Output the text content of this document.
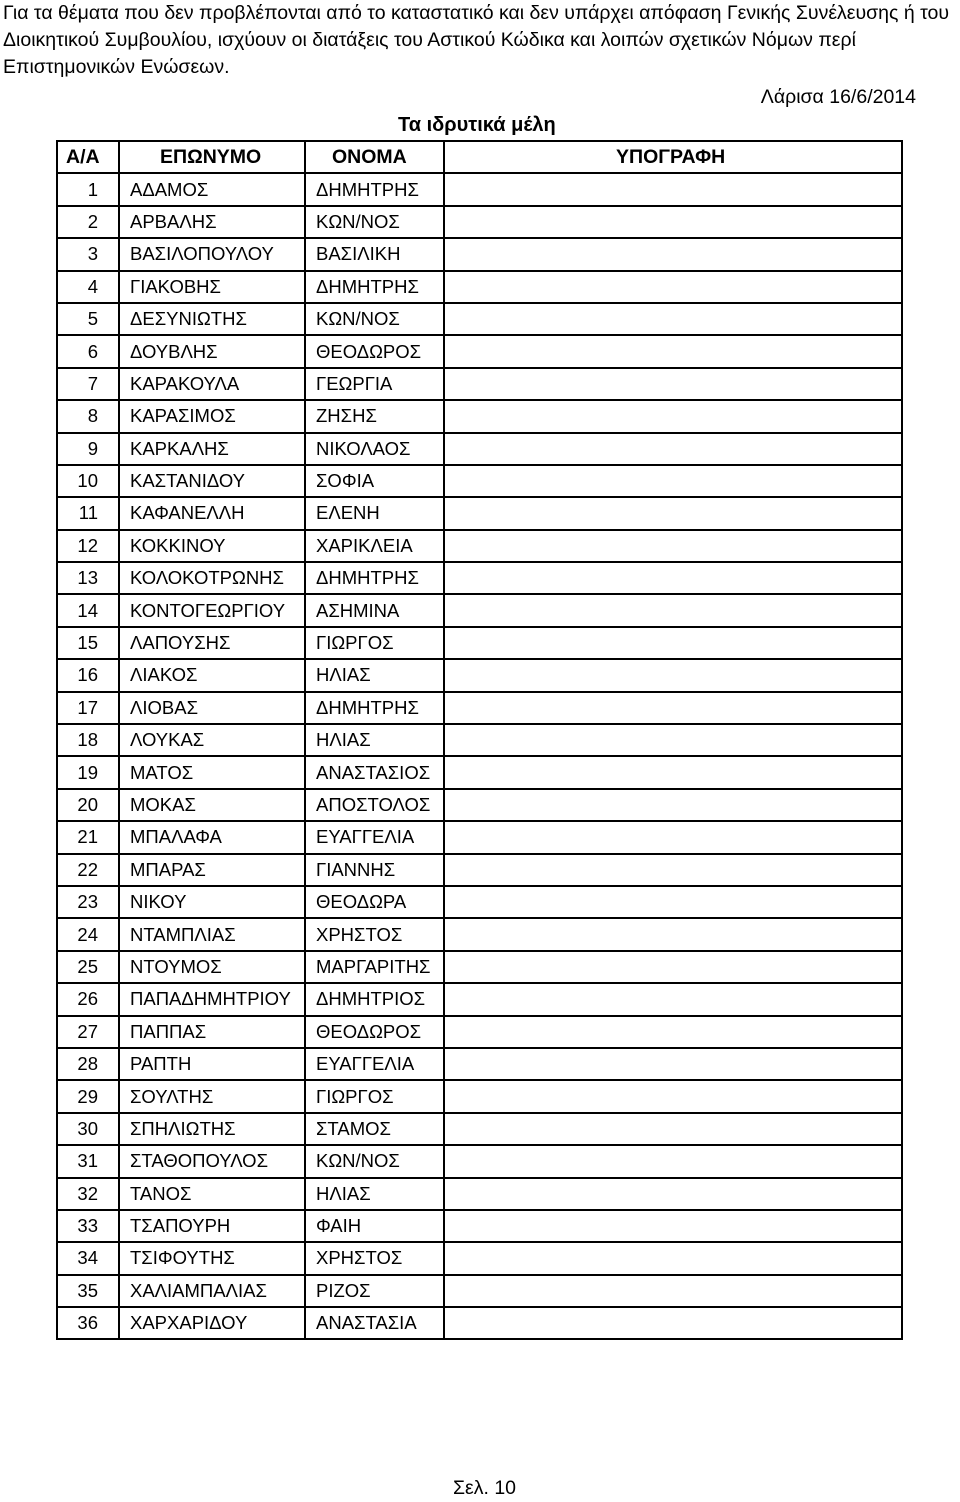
Για τα θέματα που δεν προβλέπονται από το καταστατικό και δεν υπάρχει απόφαση Γενικής Συνέλευσης ή του Διοικητικού Συμβουλίου, ισχύουν οι διατάξεις του Αστικού Κώδικα και λοιπών σχετικών Νόμων περί Επιστημονικών Ενώσεων.

Λάρισα 16/6/2014
Τα ιδρυτικά μέλη
Α/Α	ΕΠΩΝΥΜΟ	ΟΝΟΜΑ	ΥΠΟΓΡΑΦΗ
1	ΑΔΑΜΟΣ	ΔΗΜΗΤΡΗΣ	
2	ΑΡΒΑΛΗΣ	ΚΩΝ/ΝΟΣ	
3	ΒΑΣΙΛΟΠΟΥΛΟΥ	ΒΑΣΙΛΙΚΗ	
4	ΓΙΑΚΟΒΗΣ	ΔΗΜΗΤΡΗΣ	
5	ΔΕΣΥΝΙΩΤΗΣ	ΚΩΝ/ΝΟΣ	
6	ΔΟΥΒΛΗΣ	ΘΕΟΔΩΡΟΣ	
7	ΚΑΡΑΚΟΥΛΑ	ΓΕΩΡΓΙΑ	
8	ΚΑΡΑΣΙΜΟΣ	ΖΗΣΗΣ	
9	ΚΑΡΚΑΛΗΣ	ΝΙΚΟΛΑΟΣ	
10	ΚΑΣΤΑΝΙΔΟΥ	ΣΟΦΙΑ	
11	ΚΑΦΑΝΕΛΛΗ	ΕΛΕΝΗ	
12	ΚΟΚΚΙΝΟΥ	ΧΑΡΙΚΛΕΙΑ	
13	ΚΟΛΟΚΟΤΡΩΝΗΣ	ΔΗΜΗΤΡΗΣ	
14	ΚΟΝΤΟΓΕΩΡΓΙΟΥ	ΑΣΗΜΙΝΑ	
15	ΛΑΠΟΥΣΗΣ	ΓΙΩΡΓΟΣ	
16	ΛΙΑΚΟΣ	ΗΛΙΑΣ	
17	ΛΙΟΒΑΣ	ΔΗΜΗΤΡΗΣ	
18	ΛΟΥΚΑΣ	ΗΛΙΑΣ	
19	ΜΑΤΟΣ	ΑΝΑΣΤΑΣΙΟΣ	
20	ΜΟΚΑΣ	ΑΠΟΣΤΟΛΟΣ	
21	ΜΠΑΛΑΦΑ	ΕΥΑΓΓΕΛΙΑ	
22	ΜΠΑΡΑΣ	ΓΙΑΝΝΗΣ	
23	ΝΙΚΟΥ	ΘΕΟΔΩΡΑ	
24	ΝΤΑΜΠΛΙΑΣ	ΧΡΗΣΤΟΣ	
25	ΝΤΟΥΜΟΣ	ΜΑΡΓΑΡΙΤΗΣ	
26	ΠΑΠΑΔΗΜΗΤΡΙΟΥ	ΔΗΜΗΤΡΙΟΣ	
27	ΠΑΠΠΑΣ	ΘΕΟΔΩΡΟΣ	
28	ΡΑΠΤΗ	ΕΥΑΓΓΕΛΙΑ	
29	ΣΟΥΛΤΗΣ	ΓΙΩΡΓΟΣ	
30	ΣΠΗΛΙΩΤΗΣ	ΣΤΑΜΟΣ	
31	ΣΤΑΘΟΠΟΥΛΟΣ	ΚΩΝ/ΝΟΣ	
32	ΤΑΝΟΣ	ΗΛΙΑΣ	
33	ΤΣΑΠΟΥΡΗ	ΦΑΙΗ	
34	ΤΣΙΦΟΥΤΗΣ	ΧΡΗΣΤΟΣ	
35	ΧΑΛΙΑΜΠΑΛΙΑΣ	ΡΙΖΟΣ	
36	ΧΑΡΧΑΡΙΔΟΥ	ΑΝΑΣΤΑΣΙΑ	
Σελ. 10
